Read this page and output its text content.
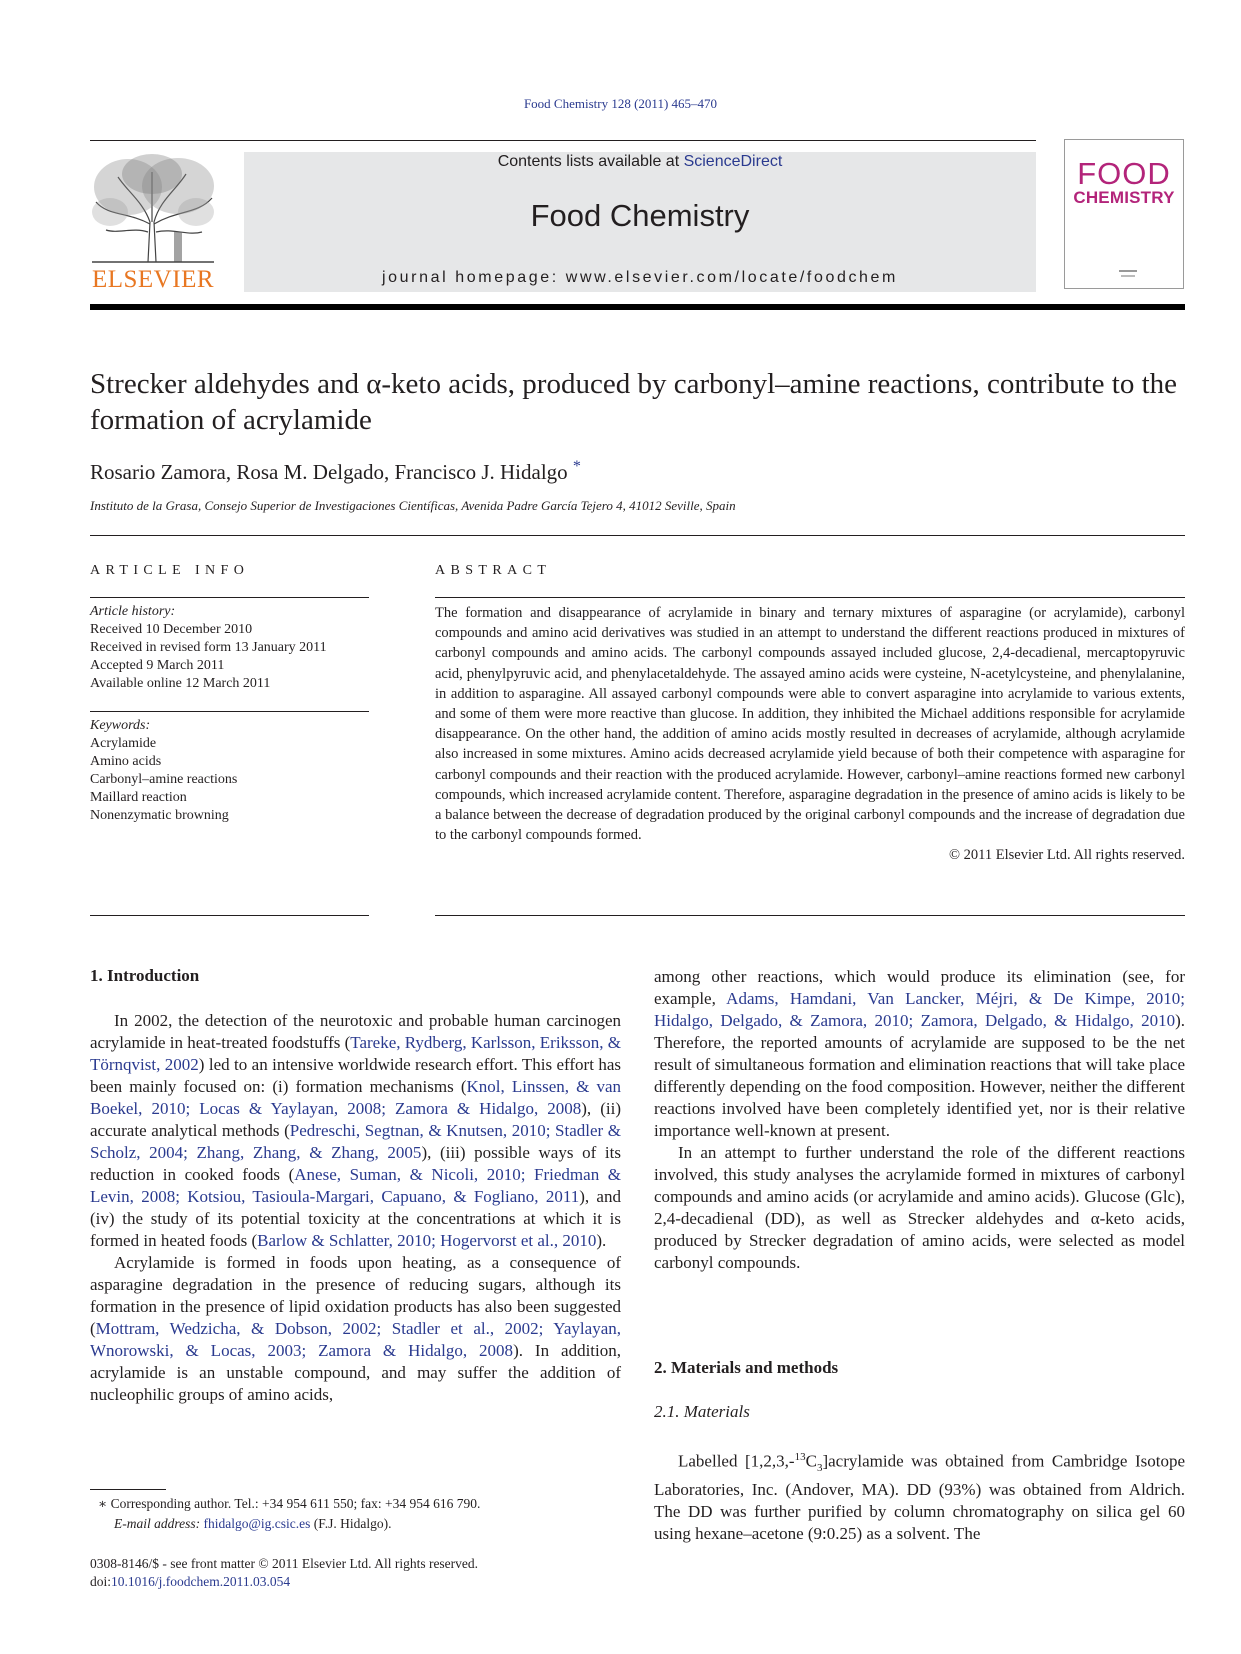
Food Chemistry 128 (2011) 465–470
ELSEVIER
Contents lists available at ScienceDirect
Food Chemistry
journal homepage: www.elsevier.com/locate/foodchem
FOOD
CHEMISTRY
Strecker aldehydes and α-keto acids, produced by carbonyl–amine reactions, contribute to the formation of acrylamide
Rosario Zamora, Rosa M. Delgado, Francisco J. Hidalgo *
Instituto de la Grasa, Consejo Superior de Investigaciones Científicas, Avenida Padre García Tejero 4, 41012 Seville, Spain
ARTICLE INFO	ABSTRACT
Article history:
Received 10 December 2010
Received in revised form 13 January 2011
Accepted 9 March 2011
Available online 12 March 2011
Keywords:
Acrylamide
Amino acids
Carbonyl–amine reactions
Maillard reaction
Nonenzymatic browning
The formation and disappearance of acrylamide in binary and ternary mixtures of asparagine (or acrylamide), carbonyl compounds and amino acid derivatives was studied in an attempt to understand the different reactions produced in mixtures of carbonyl compounds and amino acids. The carbonyl compounds assayed included glucose, 2,4-decadienal, mercaptopyruvic acid, phenylpyruvic acid, and phenylacetaldehyde. The assayed amino acids were cysteine, N-acetylcysteine, and phenylalanine, in addition to asparagine. All assayed carbonyl compounds were able to convert asparagine into acrylamide to various extents, and some of them were more reactive than glucose. In addition, they inhibited the Michael additions responsible for acrylamide disappearance. On the other hand, the addition of amino acids mostly resulted in decreases of acrylamide, although acrylamide also increased in some mixtures. Amino acids decreased acrylamide yield because of both their competence with asparagine for carbonyl compounds and their reaction with the produced acrylamide. However, carbonyl–amine reactions formed new carbonyl compounds, which increased acrylamide content. Therefore, asparagine degradation in the presence of amino acids is likely to be a balance between the decrease of degradation produced by the original carbonyl compounds and the increase of degradation due to the carbonyl compounds formed.
© 2011 Elsevier Ltd. All rights reserved.
1. Introduction

In 2002, the detection of the neurotoxic and probable human carcinogen acrylamide in heat-treated foodstuffs (Tareke, Rydberg, Karlsson, Eriksson, & Törnqvist, 2002) led to an intensive worldwide research effort. This effort has been mainly focused on: (i) formation mechanisms (Knol, Linssen, & van Boekel, 2010; Locas & Yaylayan, 2008; Zamora & Hidalgo, 2008), (ii) accurate analytical methods (Pedreschi, Segtnan, & Knutsen, 2010; Stadler & Scholz, 2004; Zhang, Zhang, & Zhang, 2005), (iii) possible ways of its reduction in cooked foods (Anese, Suman, & Nicoli, 2010; Friedman & Levin, 2008; Kotsiou, Tasioula-Margari, Capuano, & Fogliano, 2011), and (iv) the study of its potential toxicity at the concentrations at which it is formed in heated foods (Barlow & Schlatter, 2010; Hogervorst et al., 2010).

Acrylamide is formed in foods upon heating, as a consequence of asparagine degradation in the presence of reducing sugars, although its formation in the presence of lipid oxidation products has also been suggested (Mottram, Wedzicha, & Dobson, 2002; Stadler et al., 2002; Yaylayan, Wnorowski, & Locas, 2003; Zamora & Hidalgo, 2008). In addition, acrylamide is an unstable compound, and may suffer the addition of nucleophilic groups of amino acids,

among other reactions, which would produce its elimination (see, for example, Adams, Hamdani, Van Lancker, Méjri, & De Kimpe, 2010; Hidalgo, Delgado, & Zamora, 2010; Zamora, Delgado, & Hidalgo, 2010). Therefore, the reported amounts of acrylamide are supposed to be the net result of simultaneous formation and elimination reactions that will take place differently depending on the food composition. However, neither the different reactions involved have been completely identified yet, nor is their relative importance well-known at present.

In an attempt to further understand the role of the different reactions involved, this study analyses the acrylamide formed in mixtures of carbonyl compounds and amino acids (or acrylamide and amino acids). Glucose (Glc), 2,4-decadienal (DD), as well as Strecker aldehydes and α-keto acids, produced by Strecker degradation of amino acids, were selected as model carbonyl compounds.

2. Materials and methods
2.1. Materials

Labelled $[1,2,3,-^{13}C_3]acrylamide$ was obtained from Cambridge Isotope Laboratories, Inc. (Andover, MA). DD (93%) was obtained from Aldrich. The DD was further purified by column chromatography on silica gel 60 using hexane–acetone (9:0.25) as a solvent. The

∗ Corresponding author. Tel.: +34 954 611 550; fax: +34 954 616 790.
E-mail address: fhidalgo@ig.csic.es (F.J. Hidalgo).
0308-8146/$ - see front matter © 2011 Elsevier Ltd. All rights reserved.
doi:10.1016/j.foodchem.2011.03.054
